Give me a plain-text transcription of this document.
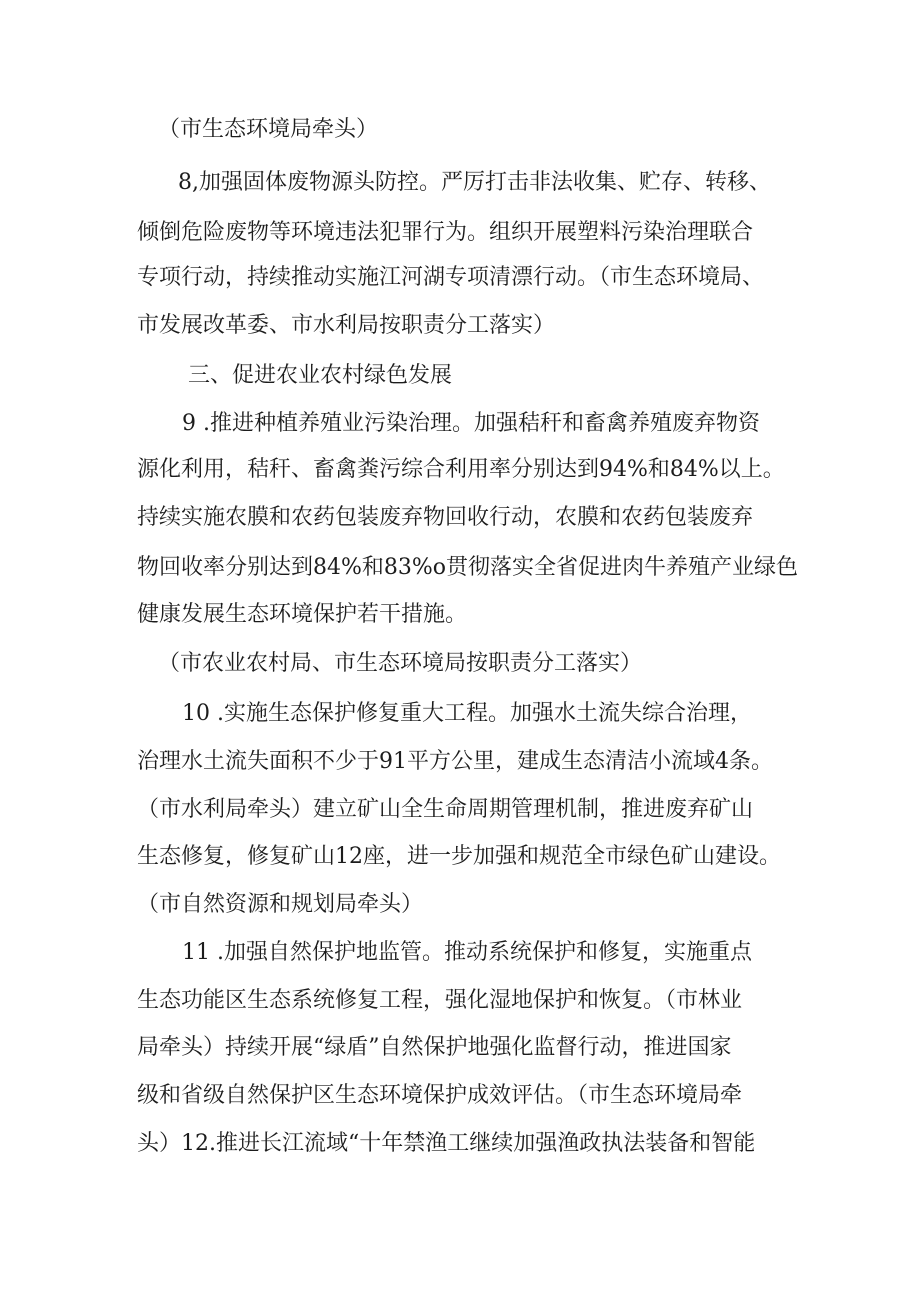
（市生态环境局牵头）
8,加强固体废物源头防控。严厉打击非法收集、贮存、转移、
倾倒危险废物等环境违法犯罪行为。组织开展塑料污染治理联合
专项行动，持续推动实施江河湖专项清漂行动。（市生态环境局、
市发展改革委、市水利局按职责分工落实）
三、促进农业农村绿色发展
9 .推进种植养殖业污染治理。加强秸秆和畜禽养殖废弃物资
源化利用，秸秆、畜禽粪污综合利用率分别达到94%和84%以上。
持续实施农膜和农药包装废弃物回收行动，农膜和农药包装废弃
物回收率分别达到84%和83%o贯彻落实全省促进肉牛养殖产业绿色
健康发展生态环境保护若干措施。
（市农业农村局、市生态环境局按职责分工落实）
10 .实施生态保护修复重大工程。加强水土流失综合治理，
治理水土流失面积不少于91平方公里，建成生态清洁小流域4条。
（市水利局牵头）建立矿山全生命周期管理机制，推进废弃矿山
生态修复，修复矿山12座，进一步加强和规范全市绿色矿山建设。
（市自然资源和规划局牵头）
11 .加强自然保护地监管。推动系统保护和修复，实施重点
生态功能区生态系统修复工程，强化湿地保护和恢复。（市林业
局牵头）持续开展“绿盾”自然保护地强化监督行动，推进国家
级和省级自然保护区生态环境保护成效评估。（市生态环境局牵
头）12.推进长江流域“十年禁渔工继续加强渔政执法装备和智能
